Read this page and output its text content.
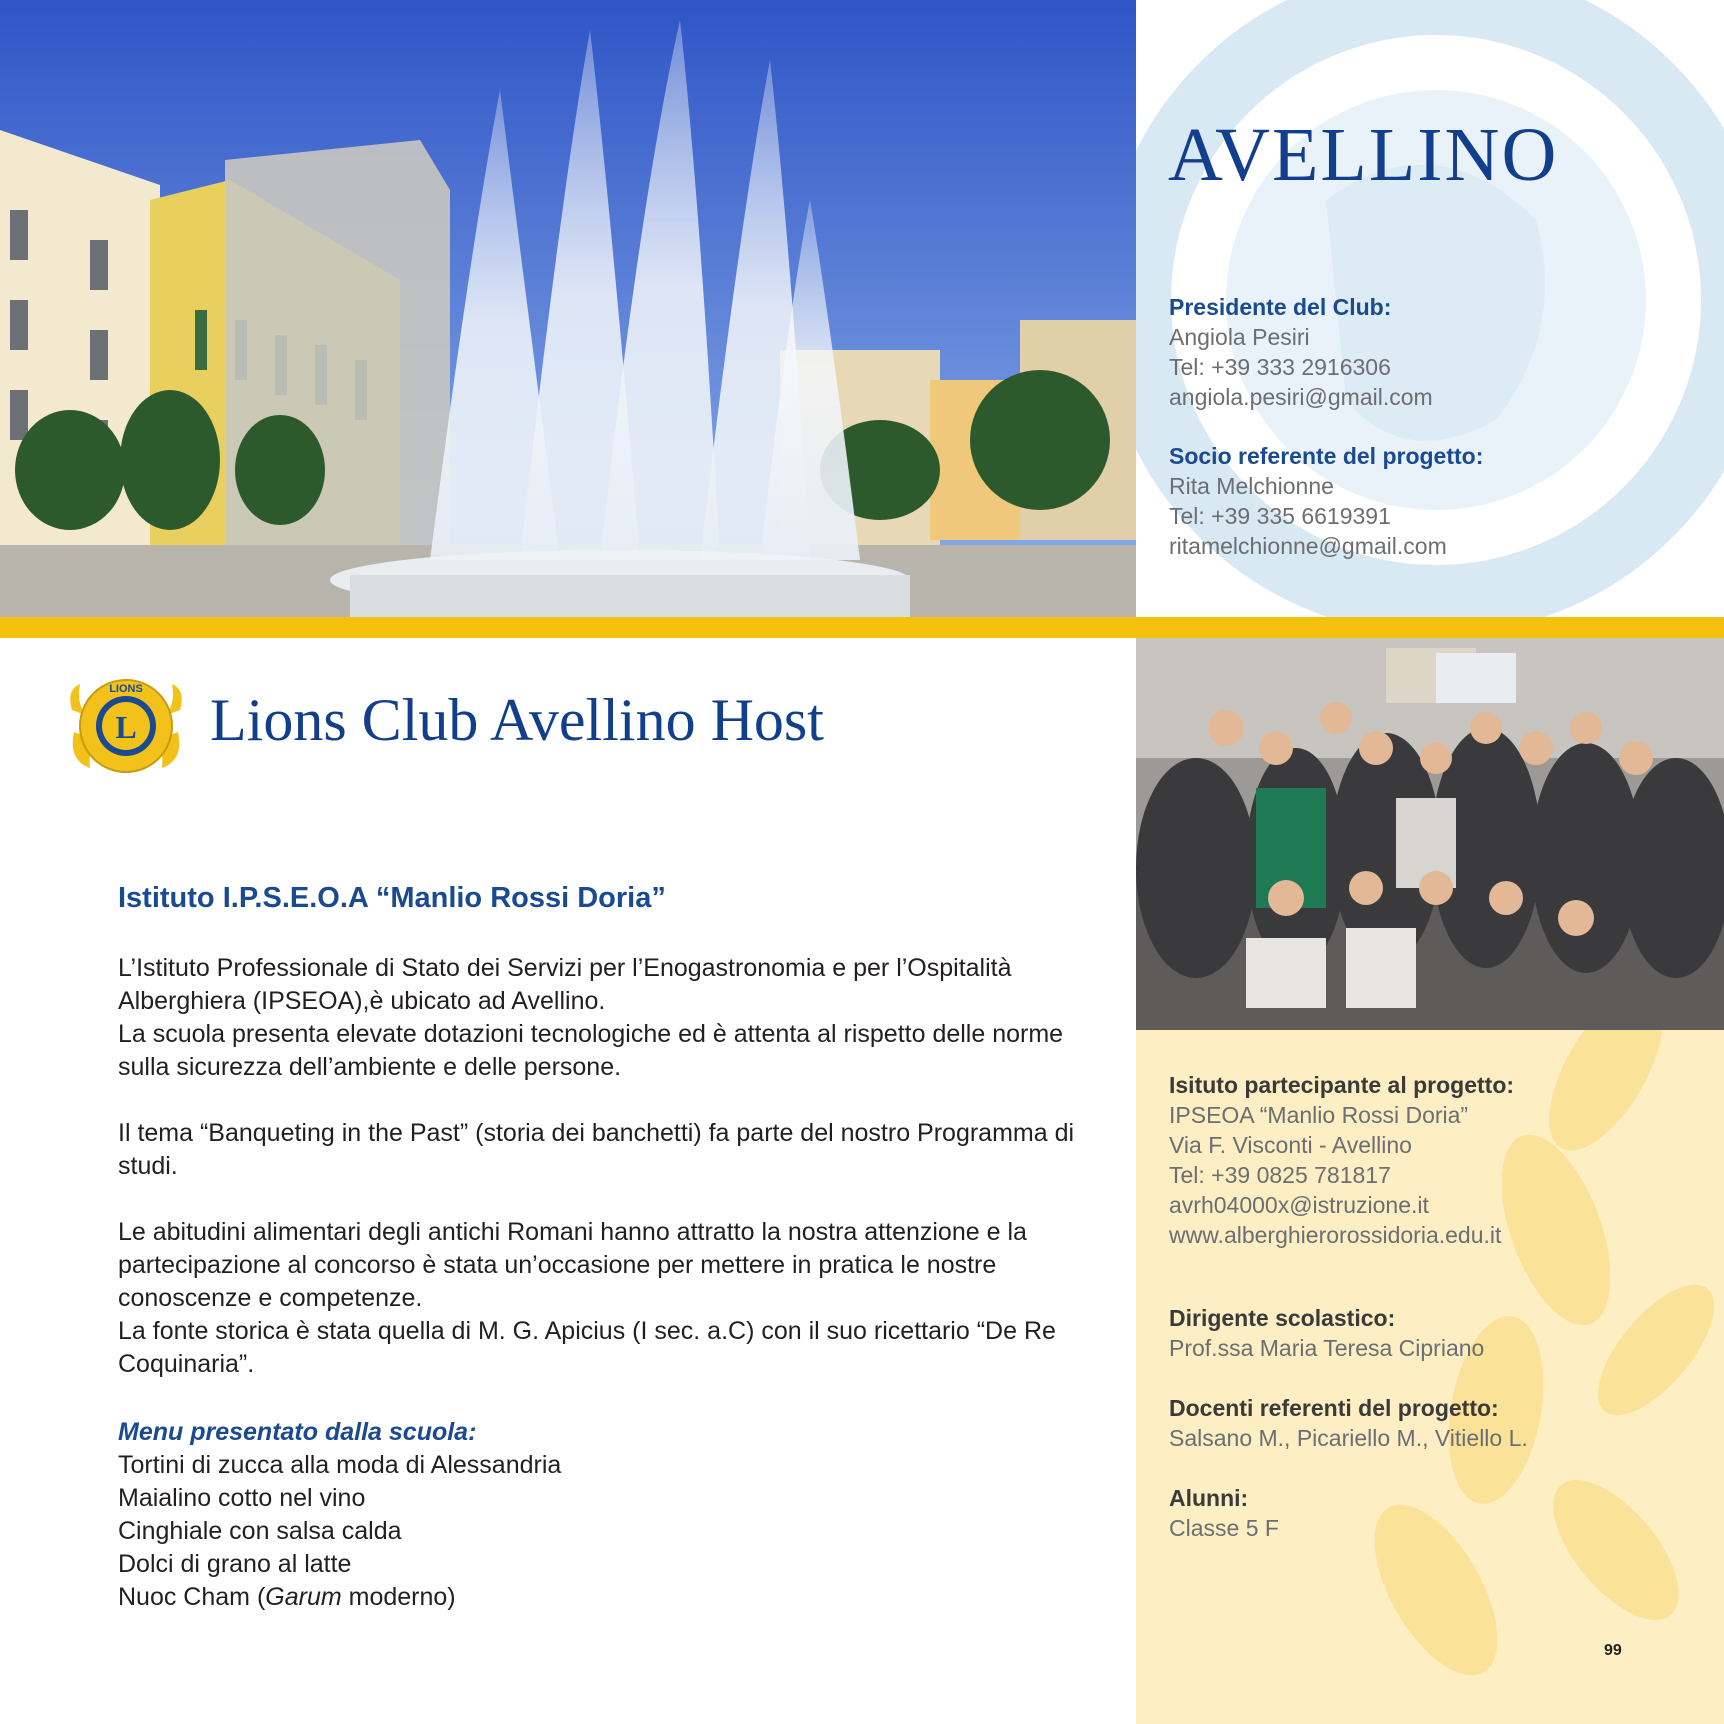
AVELLINO
Presidente del Club:
Angiola Pesiri
Tel: +39 333 2916306
angiola.pesiri@gmail.com
Socio referente del progetto:
Rita Melchionne
Tel: +39 335 6619391
ritamelchionne@gmail.com
L
LIONS Lions Club Avellino Host
Istituto I.P.S.E.O.A “Manlio Rossi Doria”

L’Istituto Professionale di Stato dei Servizi per l’Enogastronomia e per l’Ospitalità Alberghiera (IPSEOA),è ubicato ad Avellino.

La scuola presenta elevate dotazioni tecnologiche ed è attenta al rispetto delle norme sulla sicurezza dell’ambiente e delle persone.

Il tema “Banqueting in the Past” (storia dei banchetti) fa parte del nostro Programma di studi.

Le abitudini alimentari degli antichi Romani hanno attratto la nostra attenzione e la partecipazione al concorso è stata un’occasione per mettere in pratica le nostre conoscenze e competenze.

La fonte storica è stata quella di M. G. Apicius (I sec. a.C) con il suo ricettario “De Re Coquinaria”.

Menu presentato dalla scuola:
Tortini di zucca alla moda di Alessandria
Maialino cotto nel vino
Cinghiale con salsa calda
Dolci di grano al latte
Nuoc Cham (Garum moderno)
Isituto partecipante al progetto:
IPSEOA “Manlio Rossi Doria”
Via F. Visconti - Avellino
Tel: +39 0825 781817
avrh04000x@istruzione.it
www.alberghierorossidoria.edu.it
Dirigente scolastico:
Prof.ssa Maria Teresa Cipriano
Docenti referenti del progetto:
Salsano M., Picariello M., Vitiello L.
Alunni:
Classe 5 F
99
